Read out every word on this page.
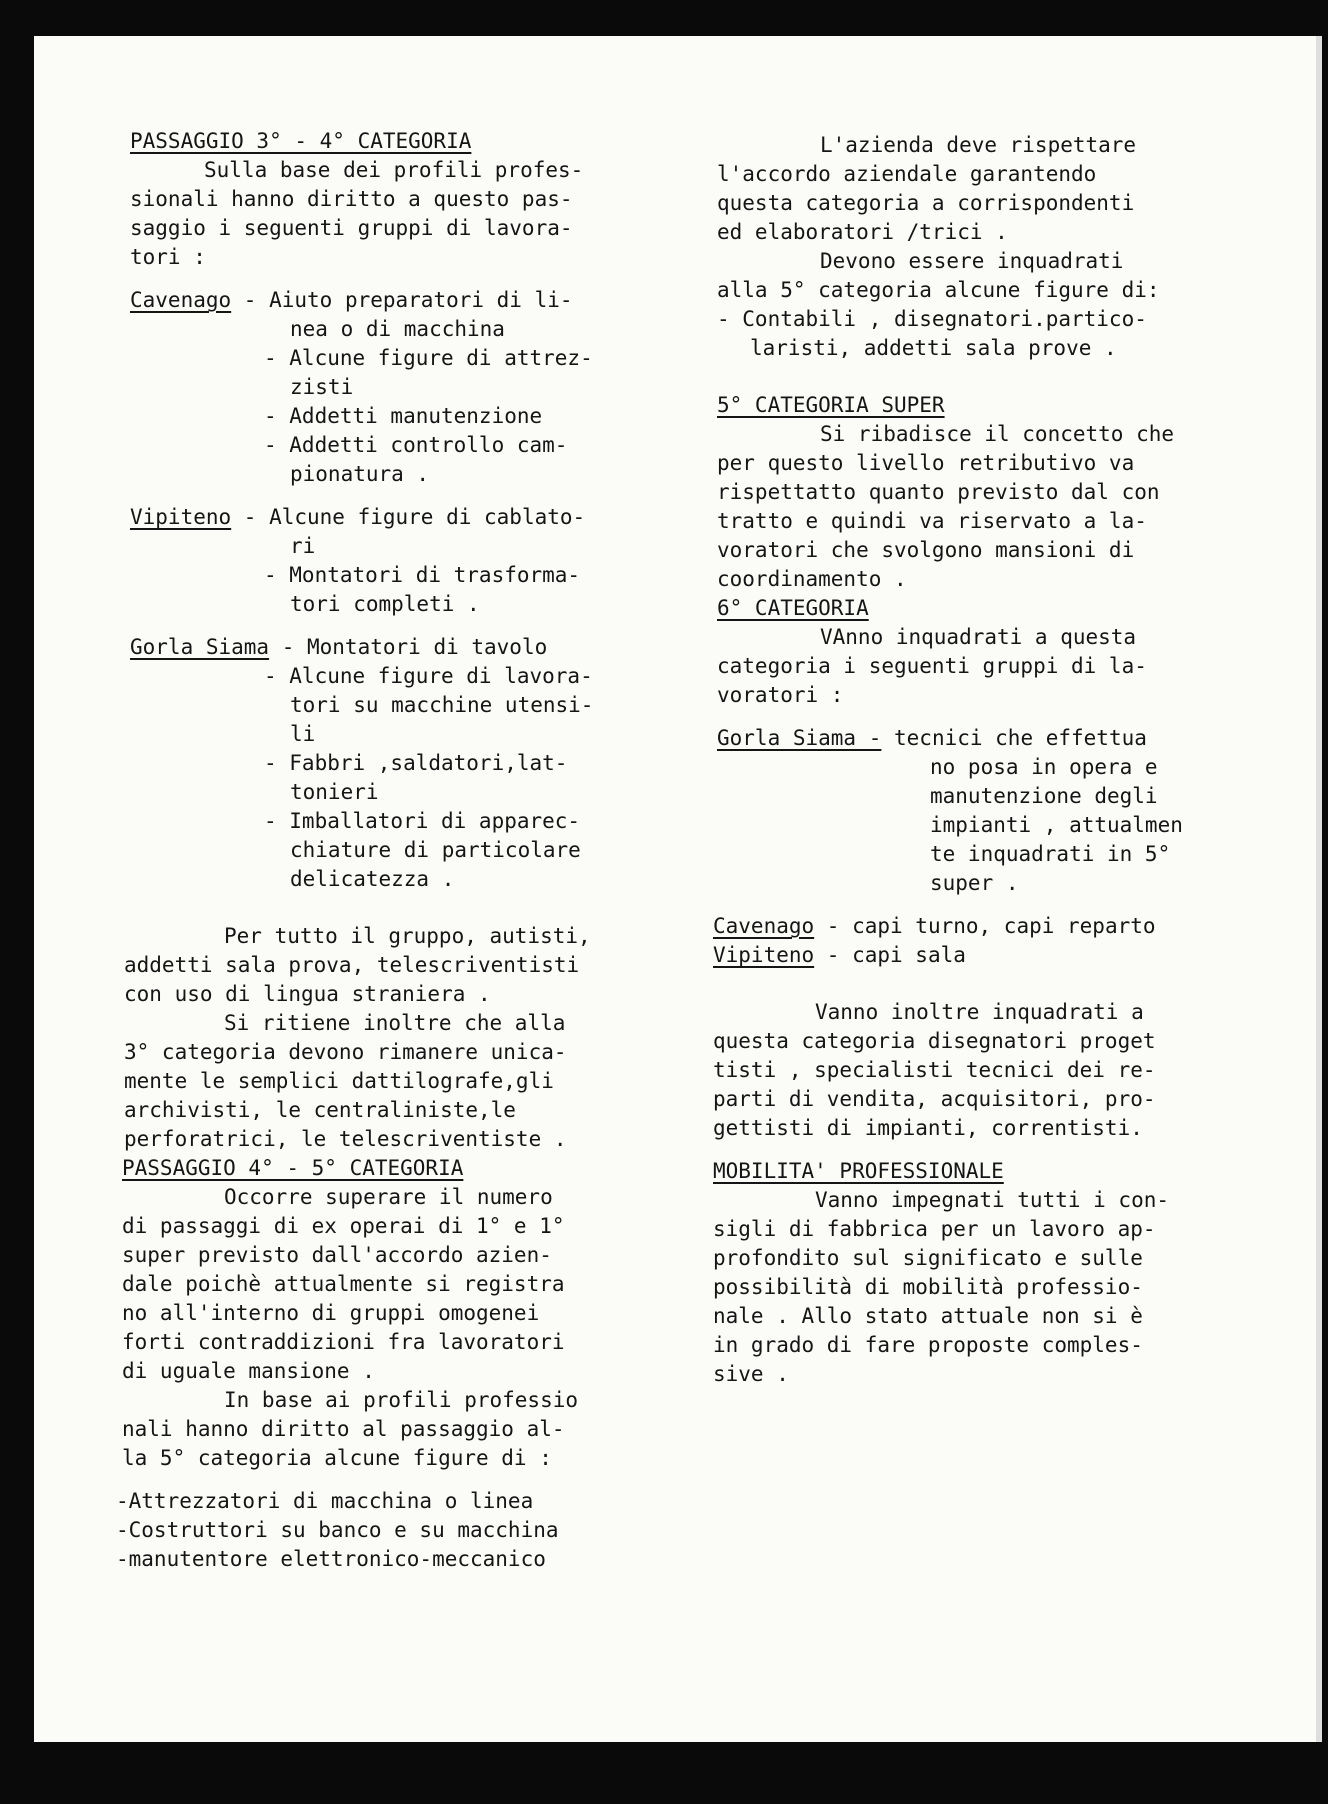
PASSAGGIO 3° - 4° CATEGORIA
Sulla base dei profili profes-
sionali hanno diritto a questo pas-
saggio i seguenti gruppi di lavora-
tori :
Cavenago - Aiuto preparatori di li-
nea o di macchina
- Alcune figure di attrez-
zisti
- Addetti manutenzione
- Addetti controllo cam-
pionatura .
Vipiteno - Alcune figure di cablato-
ri
- Montatori di trasforma-
tori completi .
Gorla Siama - Montatori di tavolo
- Alcune figure di lavora-
tori su macchine utensi-
li
- Fabbri ,saldatori,lat-
tonieri
- Imballatori di apparec-
chiature di particolare
delicatezza .
Per tutto il gruppo, autisti,
addetti sala prova, telescriventisti
con uso di lingua straniera .
Si ritiene inoltre che alla
3° categoria devono rimanere unica-
mente le semplici dattilografe,gli
archivisti, le centraliniste,le
perforatrici, le telescriventiste .
PASSAGGIO 4° - 5° CATEGORIA
Occorre superare il numero
di passaggi di ex operai di 1° e 1°
super previsto dall'accordo azien-
dale poichè attualmente si registra
no all'interno di gruppi omogenei
forti contraddizioni fra lavoratori
di uguale mansione .
In base ai profili professio
nali hanno diritto al passaggio al-
la 5° categoria alcune figure di :
-Attrezzatori di macchina o linea
-Costruttori su banco e su macchina
-manutentore elettronico-meccanico
L'azienda deve rispettare
l'accordo aziendale garantendo
questa categoria a corrispondenti
ed elaboratori /trici .
Devono essere inquadrati
alla 5° categoria alcune figure di:
- Contabili , disegnatori.partico-
laristi, addetti sala prove .
5° CATEGORIA SUPER
Si ribadisce il concetto che
per questo livello retributivo va
rispettatto quanto previsto dal con
tratto e quindi va riservato a la-
voratori che svolgono mansioni di
coordinamento .
6° CATEGORIA
VAnno inquadrati a questa
categoria i seguenti gruppi di la-
voratori :
Gorla Siama - tecnici che effettua
no posa in opera e
manutenzione degli
impianti , attualmen
te inquadrati in 5°
super .
Cavenago - capi turno, capi reparto
Vipiteno - capi sala
Vanno inoltre inquadrati a
questa categoria disegnatori proget
tisti , specialisti tecnici dei re-
parti di vendita, acquisitori, pro-
gettisti di impianti, correntisti.
MOBILITA' PROFESSIONALE
Vanno impegnati tutti i con-
sigli di fabbrica per un lavoro ap-
profondito sul significato e sulle
possibilità di mobilità professio-
nale . Allo stato attuale non si è
in grado di fare proposte comples-
sive .
